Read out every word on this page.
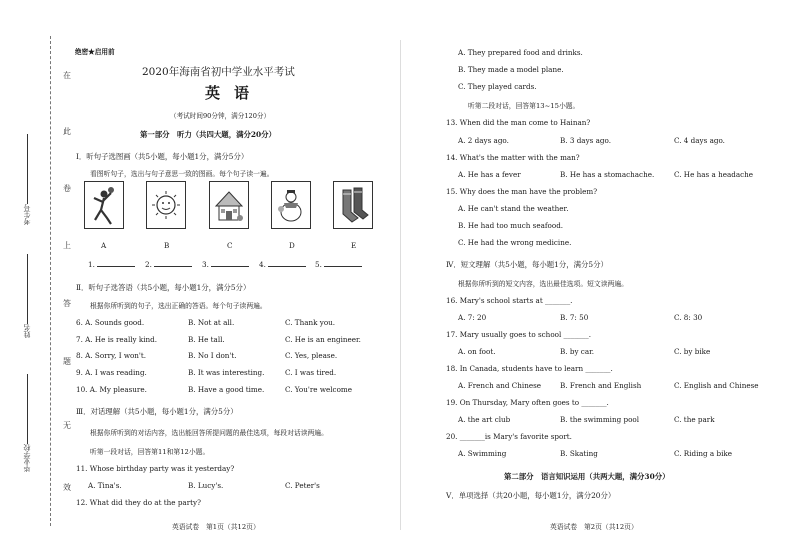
在
此
卷
上
答
题
无
效
考生号
姓名
毕业学校
绝密★启用前
2020年海南省初中学业水平考试
英语
（考试时间90分钟，满分120分）
第一部分　听力（共四大题，满分20分）
Ⅰ．听句子选图画（共5小题，每小题1分，满分5分）
看图听句子，选出与句子意思一致的图画。每个句子读一遍。
A	B	C	D	E
1.	2.	3.	4.	5.
Ⅱ．听句子选答语（共5小题，每小题1分，满分5分）
根据你所听到的句子，选出正确的答语。每个句子读两遍。
6. A. Sounds good.	B. Not at all.	C. Thank you.
7. A. He is really kind.	B. He tall.	C. He is an engineer.
8. A. Sorry, I won't.	B. No I don't.	C. Yes, please.
9. A. I was reading.	B. It was interesting.	C. I was tired.
10. A. My pleasure.	B. Have a good time.	C. You're welcome
Ⅲ．对话理解（共5小题，每小题1分，满分5分）
根据你所听到的对话内容，选出能回答所提问题的最佳选项，每段对话读两遍。
听第一段对话，回答第11和第12小题。
11. Whose birthday party was it yesterday?
A. Tina's.	B. Lucy's.	C. Peter's
12. What did they do at the party?
英语试卷　第1页（共12页）
A. They prepared food and drinks.
B. They made a model plane.
C. They played cards.
听第二段对话，回答第13~15小题。
13. When did the man come to Hainan?
A. 2 days ago.	B. 3 days ago.	C. 4 days ago.
14. What's the matter with the man?
A. He has a fever	B. He has a stomachache.	C. He has a headache
15. Why does the man have the problem?
A. He can't stand the weather.
B. He had too much seafood.
C. He had the wrong medicine.
Ⅳ．短文理解（共5小题，每小题1分，满分5分）
根据你所听到的短文内容，选出最佳选项。短文读两遍。
16. Mary's school starts at _______.
A. 7: 20	B. 7: 50	C. 8: 30
17. Mary usually goes to school _______.
A. on foot.	B. by car.	C. by bike
18. In Canada, students have to learn _______.
A. French and Chinese	B. French and English	C. English and Chinese
19. On Thursday, Mary often goes to _______.
A. the art club	B. the swimming pool	C. the park
20. _______is Mary's favorite sport.
A. Swimming	B. Skating	C. Riding a bike
第二部分　语言知识运用（共两大题，满分30分）
Ⅴ．单项选择（共20小题，每小题1分，满分20分）
英语试卷　第2页（共12页）
